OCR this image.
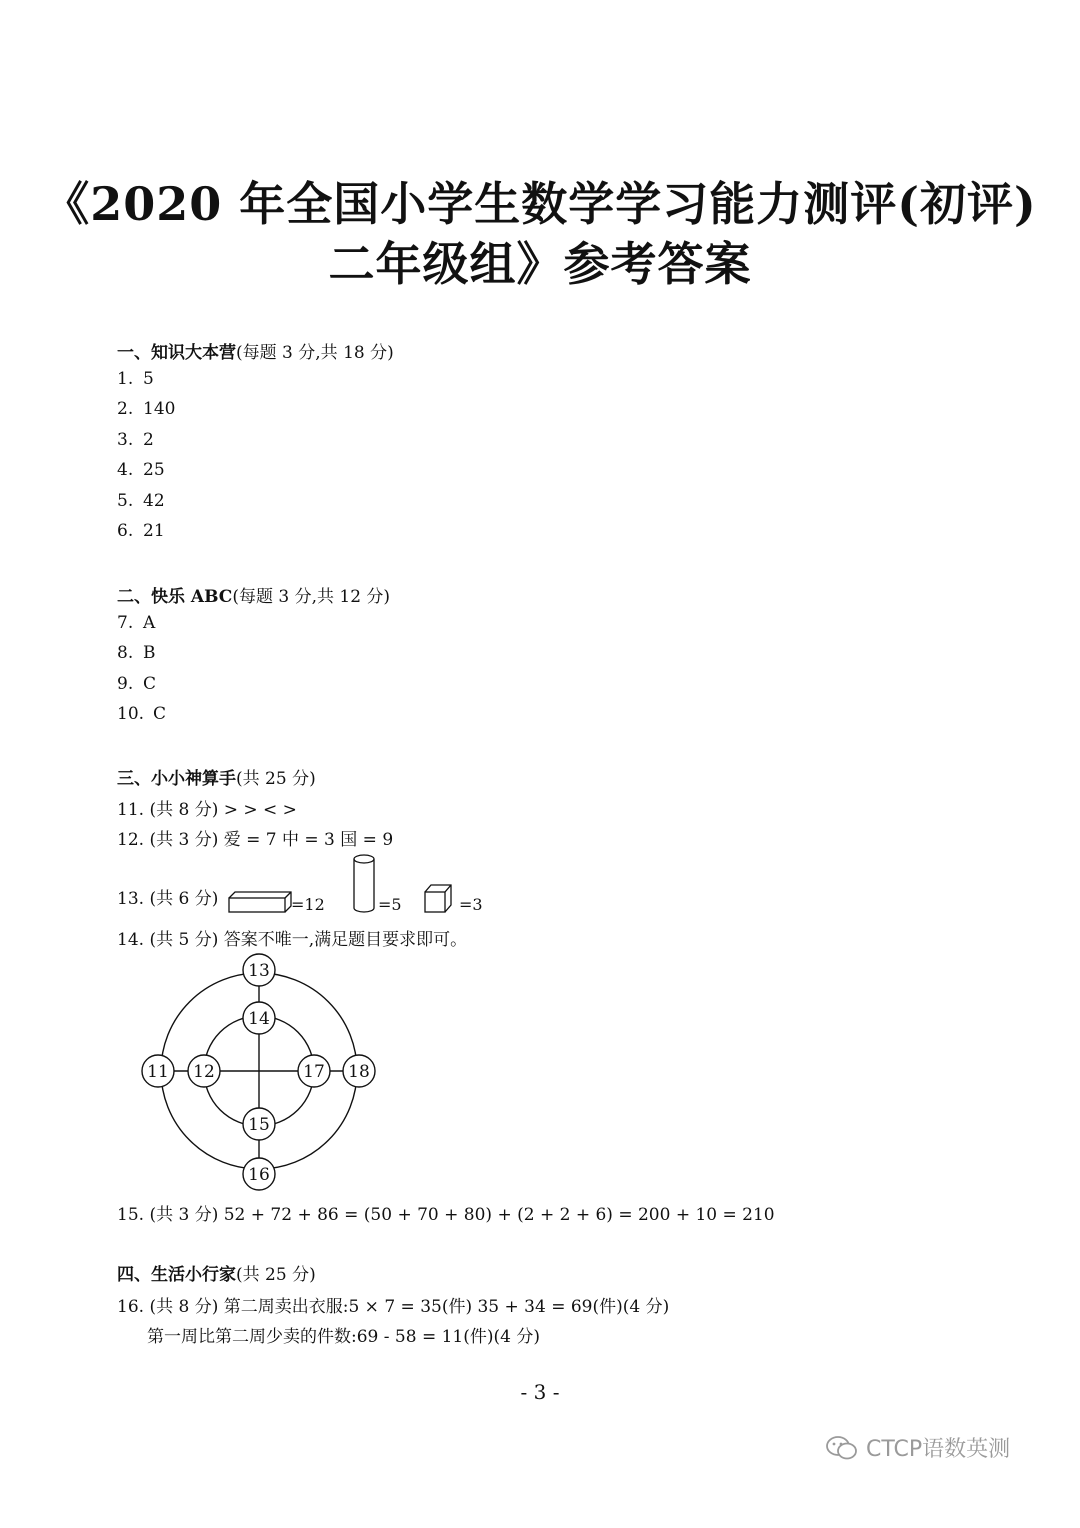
《2020 年全国小学生数学学习能力测评(初评)
二年级组》参考答案
一、知识大本营(每题 3 分,共 18 分)
1. 5
2. 140
3. 2
4. 25
5. 42
6. 21
二、快乐 ABC(每题 3 分,共 12 分)
7. A
8. B
9. C
10. C
三、小小神算手(共 25 分)
11. (共 8 分) > > < >
12. (共 3 分) 爱 = 7 中 = 3 国 = 9
13. (共 6 分)	=12	=5	=3
14. (共 5 分) 答案不唯一,满足题目要求即可。
13
14
11 12	17 18
15
16
15. (共 3 分) 52 + 72 + 86 = (50 + 70 + 80) + (2 + 2 + 6) = 200 + 10 = 210
四、生活小行家(共 25 分)
16. (共 8 分) 第二周卖出衣服:5 × 7 = 35(件) 35 + 34 = 69(件)(4 分)
第一周比第二周少卖的件数:69 - 58 = 11(件)(4 分)
- 3 -
CTCP语数英测
